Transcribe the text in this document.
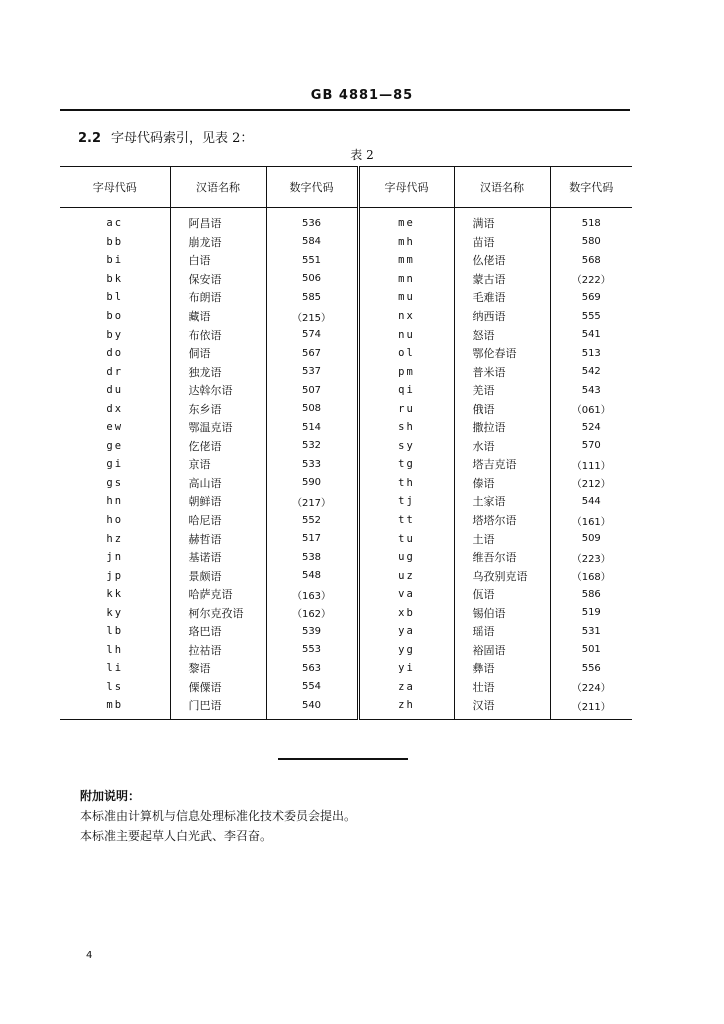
GB 4881—85
2.2 字母代码索引，见表 2：
表 2
字母代码	汉语名称	数字代码	字母代码	汉语名称	数字代码
ac	阿昌语	536	me	满语	518
bb	崩龙语	584	mh	苗语	580
bi	白语	551	mm	仫佬语	568
bk	保安语	506	mn	蒙古语	（222）
bl	布朗语	585	mu	毛难语	569
bo	藏语	（215）	nx	纳西语	555
by	布依语	574	nu	怒语	541
do	侗语	567	ol	鄂伦春语	513
dr	独龙语	537	pm	普米语	542
du	达斡尔语	507	qi	羌语	543
dx	东乡语	508	ru	俄语	（061）
ew	鄂温克语	514	sh	撒拉语	524
ge	仡佬语	532	sy	水语	570
gi	京语	533	tg	塔吉克语	（111）
gs	高山语	590	th	傣语	（212）
hn	朝鲜语	（217）	tj	土家语	544
ho	哈尼语	552	tt	塔塔尔语	（161）
hz	赫哲语	517	tu	土语	509
jn	基诺语	538	ug	维吾尔语	（223）
jp	景颇语	548	uz	乌孜别克语	（168）
kk	哈萨克语	（163）	va	佤语	586
ky	柯尔克孜语	（162）	xb	锡伯语	519
lb	珞巴语	539	ya	瑶语	531
lh	拉祜语	553	yg	裕固语	501
li	黎语	563	yi	彝语	556
ls	傈僳语	554	za	壮语	（224）
mb	门巴语	540	zh	汉语	（211）
附加说明：
本标准由计算机与信息处理标准化技术委员会提出。
本标准主要起草人白光武、李召奋。
4
